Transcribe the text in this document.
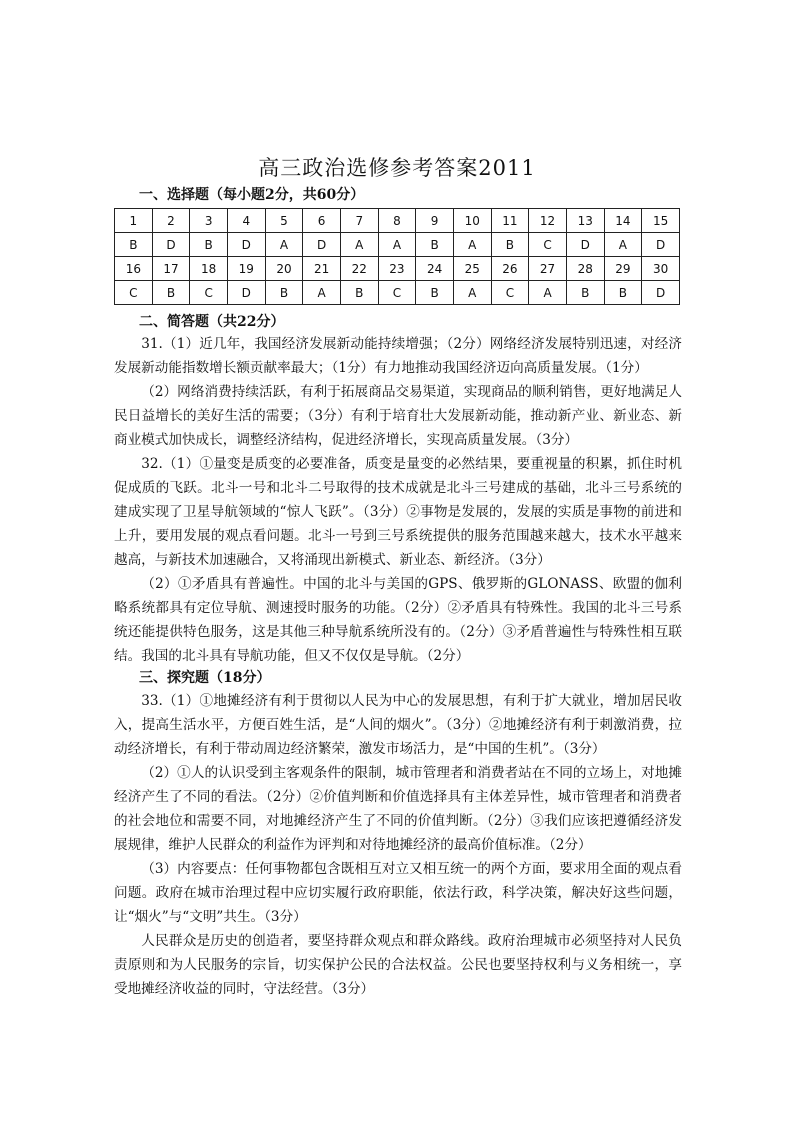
高三政治选修参考答案2011
一、选择题（每小题2分，共60分）
1	2	3	4	5	6	7	8	9	10	11	12	13	14	15
B	D	B	D	A	D	A	A	B	A	B	C	D	A	D
16	17	18	19	20	21	22	23	24	25	26	27	28	29	30
C	B	C	D	B	A	B	C	B	A	C	A	B	B	D
二、简答题（共22分）
31.（1）近几年，我国经济发展新动能持续增强；（2分）网络经济发展特别迅速，对经济发展新动能指数增长额贡献率最大；（1分）有力地推动我国经济迈向高质量发展。（1分）
（2）网络消费持续活跃，有利于拓展商品交易渠道，实现商品的顺利销售，更好地满足人民日益增长的美好生活的需要；（3分）有利于培育壮大发展新动能，推动新产业、新业态、新商业模式加快成长，调整经济结构，促进经济增长，实现高质量发展。（3分）
32.（1）①量变是质变的必要准备，质变是量变的必然结果，要重视量的积累，抓住时机促成质的飞跃。北斗一号和北斗二号取得的技术成就是北斗三号建成的基础，北斗三号系统的建成实现了卫星导航领域的“惊人飞跃”。（3分）②事物是发展的，发展的实质是事物的前进和上升，要用发展的观点看问题。北斗一号到三号系统提供的服务范围越来越大，技术水平越来越高，与新技术加速融合，又将涌现出新模式、新业态、新经济。（3分）
（2）①矛盾具有普遍性。中国的北斗与美国的GPS、俄罗斯的GLONASS、欧盟的伽利略系统都具有定位导航、测速授时服务的功能。（2分）②矛盾具有特殊性。我国的北斗三号系统还能提供特色服务，这是其他三种导航系统所没有的。（2分）③矛盾普遍性与特殊性相互联结。我国的北斗具有导航功能，但又不仅仅是导航。（2分）
三、探究题（18分）
33.（1）①地摊经济有利于贯彻以人民为中心的发展思想，有利于扩大就业，增加居民收入，提高生活水平，方便百姓生活，是“人间的烟火”。（3分）②地摊经济有利于刺激消费，拉动经济增长，有利于带动周边经济繁荣，激发市场活力，是“中国的生机”。（3分）
（2）①人的认识受到主客观条件的限制，城市管理者和消费者站在不同的立场上，对地摊经济产生了不同的看法。（2分）②价值判断和价值选择具有主体差异性，城市管理者和消费者的社会地位和需要不同，对地摊经济产生了不同的价值判断。（2分）③我们应该把遵循经济发展规律，维护人民群众的利益作为评判和对待地摊经济的最高价值标准。（2分）
（3）内容要点：任何事物都包含既相互对立又相互统一的两个方面，要求用全面的观点看问题。政府在城市治理过程中应切实履行政府职能，依法行政，科学决策，解决好这些问题，让“烟火”与“文明”共生。（3分）
人民群众是历史的创造者，要坚持群众观点和群众路线。政府治理城市必须坚持对人民负责原则和为人民服务的宗旨，切实保护公民的合法权益。公民也要坚持权利与义务相统一，享受地摊经济收益的同时，守法经营。（3分）
